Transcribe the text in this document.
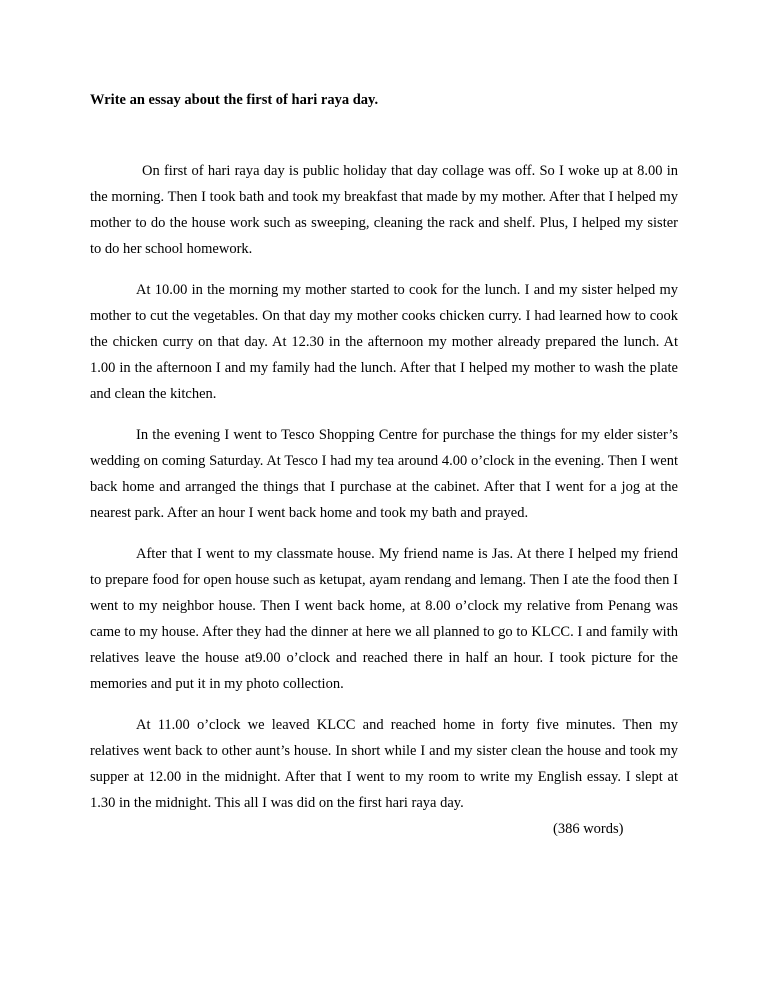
Write an essay about the first of hari raya day.

On first of hari raya day is public holiday that day collage was off. So I woke up at 8.00 in the morning. Then I took bath and took my breakfast that made by my mother. After that I helped my mother to do the house work such as sweeping, cleaning the rack and shelf. Plus, I helped my sister to do her school homework.

At 10.00 in the morning my mother started to cook for the lunch. I and my sister helped my mother to cut the vegetables. On that day my mother cooks chicken curry. I had learned how to cook the chicken curry on that day. At 12.30 in the afternoon my mother already prepared the lunch. At 1.00 in the afternoon I and my family had the lunch. After that I helped my mother to wash the plate and clean the kitchen.

In the evening I went to Tesco Shopping Centre for purchase the things for my elder sister’s wedding on coming Saturday. At Tesco I had my tea around 4.00 o’clock in the evening. Then I went back home and arranged the things that I purchase at the cabinet. After that I went for a jog at the nearest park. After an hour I went back home and took my bath and prayed.

After that I went to my classmate house. My friend name is Jas. At there I helped my friend to prepare food for open house such as ketupat, ayam rendang and lemang. Then I ate the food then I went to my neighbor house. Then I went back home, at 8.00 o’clock my relative from Penang was came to my house. After they had the dinner at here we all planned to go to KLCC. I and family with relatives leave the house at9.00 o’clock and reached there in half an hour. I took picture for the memories and put it in my photo collection.

At 11.00 o’clock we leaved KLCC and reached home in forty five minutes. Then my relatives went back to other aunt’s house. In short while I and my sister clean the house and took my supper at 12.00 in the midnight. After that I went to my room to write my English essay. I slept at 1.30 in the midnight. This all I was did on the first hari raya day.

(386 words)
